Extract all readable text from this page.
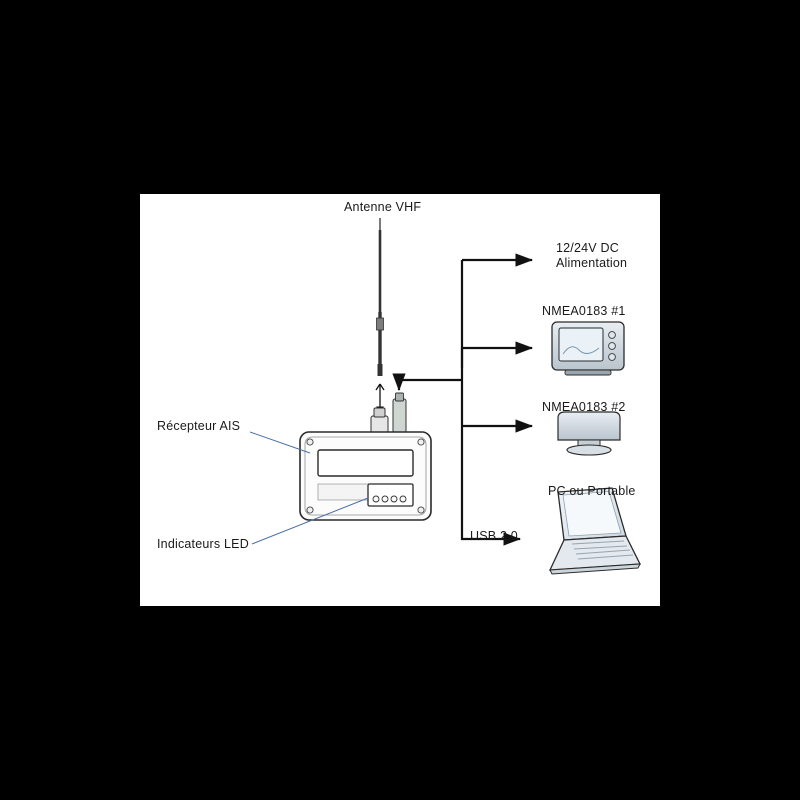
Antenne VHF
12/24V DC
Alimentation
NMEA0183 #1
NMEA0183 #2
PC ou Portable
USB 2.0
Récepteur AIS
Indicateurs LED
